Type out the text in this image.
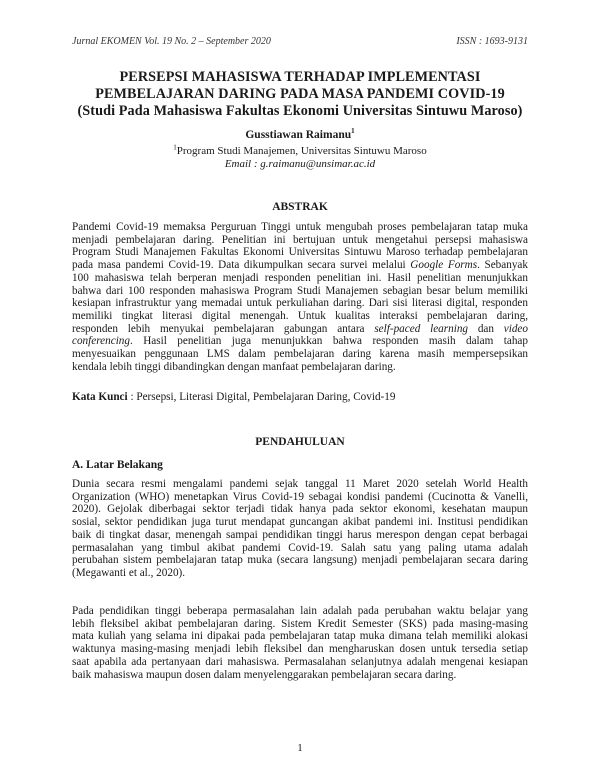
Jurnal EKOMEN Vol. 19 No. 2 – September 2020	ISSN : 1693-9131
PERSEPSI MAHASISWA TERHADAP IMPLEMENTASI
PEMBELAJARAN DARING PADA MASA PANDEMI COVID-19
(Studi Pada Mahasiswa Fakultas Ekonomi Universitas Sintuwu Maroso)
Gusstiawan Raimanu$^1$
$^1$Program Studi Manajemen, Universitas Sintuwu Maroso
Email : g.raimanu@unsimar.ac.id
ABSTRAK
Pandemi Covid-19 memaksa Perguruan Tinggi untuk mengubah proses pembelajaran tatap muka
menjadi pembelajaran daring. Penelitian ini bertujuan untuk mengetahui persepsi mahasiswa
Program Studi Manajemen Fakultas Ekonomi Universitas Sintuwu Maroso terhadap pembelajaran
pada masa pandemi Covid-19. Data dikumpulkan secara survei melalui Google Forms. Sebanyak
100 mahasiswa telah berperan menjadi responden penelitian ini. Hasil penelitian menunjukkan
bahwa dari 100 responden mahasiswa Program Studi Manajemen sebagian besar belum memiliki
kesiapan infrastruktur yang memadai untuk perkuliahan daring. Dari sisi literasi digital, responden
memiliki tingkat literasi digital menengah. Untuk kualitas interaksi pembelajaran daring,
responden lebih menyukai pembelajaran gabungan antara self-paced learning dan video
conferencing. Hasil penelitian juga menunjukkan bahwa responden masih dalam tahap
menyesuaikan penggunaan LMS dalam pembelajaran daring karena masih mempersepsikan
kendala lebih tinggi dibandingkan dengan manfaat pembelajaran daring.
Kata Kunci : Persepsi, Literasi Digital, Pembelajaran Daring, Covid-19
PENDAHULUAN
A. Latar Belakang
Dunia secara resmi mengalami pandemi sejak tanggal 11 Maret 2020 setelah World Health
Organization (WHO) menetapkan Virus Covid-19 sebagai kondisi pandemi (Cucinotta & Vanelli,
2020). Gejolak diberbagai sektor terjadi tidak hanya pada sektor ekonomi, kesehatan maupun
sosial, sektor pendidikan juga turut mendapat guncangan akibat pandemi ini. Institusi pendidikan
baik di tingkat dasar, menengah sampai pendidikan tinggi harus merespon dengan cepat berbagai
permasalahan yang timbul akibat pandemi Covid-19. Salah satu yang paling utama adalah
perubahan sistem pembelajaran tatap muka (secara langsung) menjadi pembelajaran secara daring
(Megawanti et al., 2020).
Pada pendidikan tinggi beberapa permasalahan lain adalah pada perubahan waktu belajar yang
lebih fleksibel akibat pembelajaran daring. Sistem Kredit Semester (SKS) pada masing-masing
mata kuliah yang selama ini dipakai pada pembelajaran tatap muka dimana telah memiliki alokasi
waktunya masing-masing menjadi lebih fleksibel dan mengharuskan dosen untuk tersedia setiap
saat apabila ada pertanyaan dari mahasiswa. Permasalahan selanjutnya adalah mengenai kesiapan
baik mahasiswa maupun dosen dalam menyelenggarakan pembelajaran secara daring.
1
